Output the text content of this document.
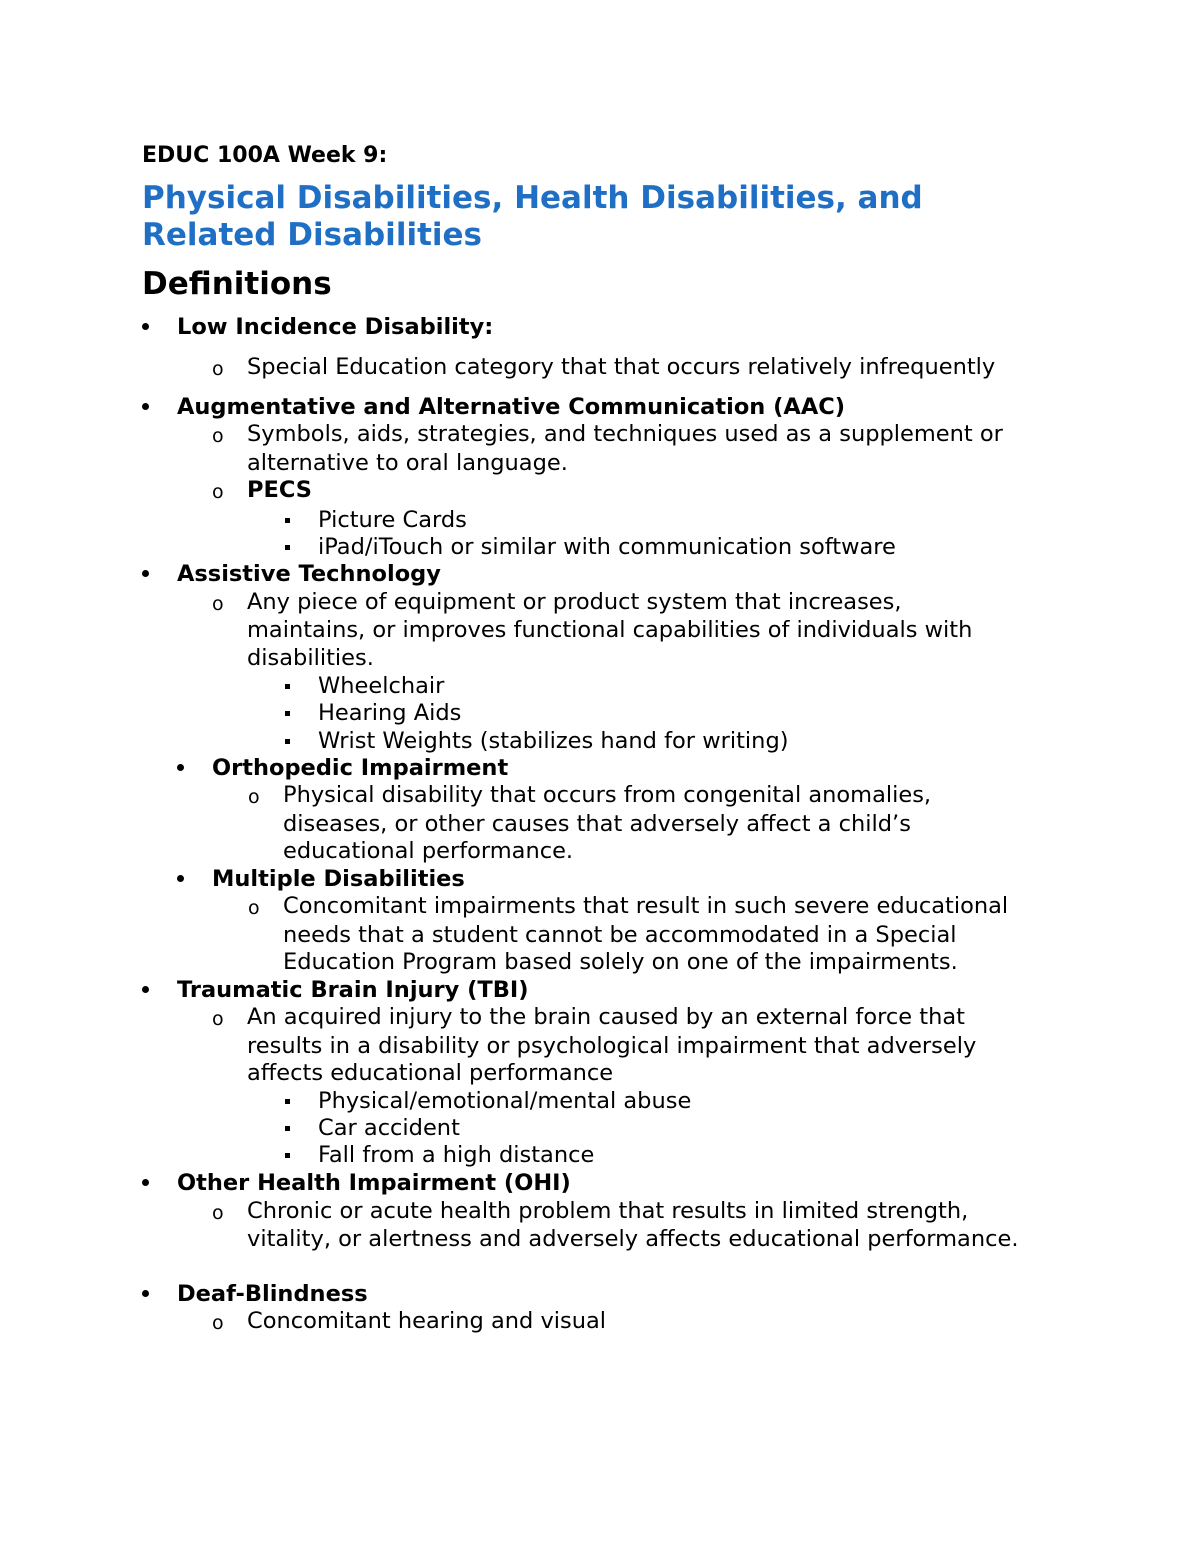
EDUC 100A Week 9:
Physical Disabilities, Health Disabilities, and
Related Disabilities
Definitions
Low Incidence Disability:
o Special Education category that that occurs relatively infrequently
Augmentative and Alternative Communication (AAC)
o Symbols, aids, strategies, and techniques used as a supplement or
alternative to oral language.
o PECS
Picture Cards
iPad/iTouch or similar with communication software
Assistive Technology
o Any piece of equipment or product system that increases,
maintains, or improves functional capabilities of individuals with
disabilities.
Wheelchair
Hearing Aids
Wrist Weights (stabilizes hand for writing)
Orthopedic Impairment
o Physical disability that occurs from congenital anomalies,
diseases, or other causes that adversely affect a child’s
educational performance.
Multiple Disabilities
o Concomitant impairments that result in such severe educational
needs that a student cannot be accommodated in a Special
Education Program based solely on one of the impairments.
Traumatic Brain Injury (TBI)
o An acquired injury to the brain caused by an external force that
results in a disability or psychological impairment that adversely
affects educational performance
Physical/emotional/mental abuse
Car accident
Fall from a high distance
Other Health Impairment (OHI)
o Chronic or acute health problem that results in limited strength,
vitality, or alertness and adversely affects educational performance.
Deaf-Blindness
o Concomitant hearing and visual
